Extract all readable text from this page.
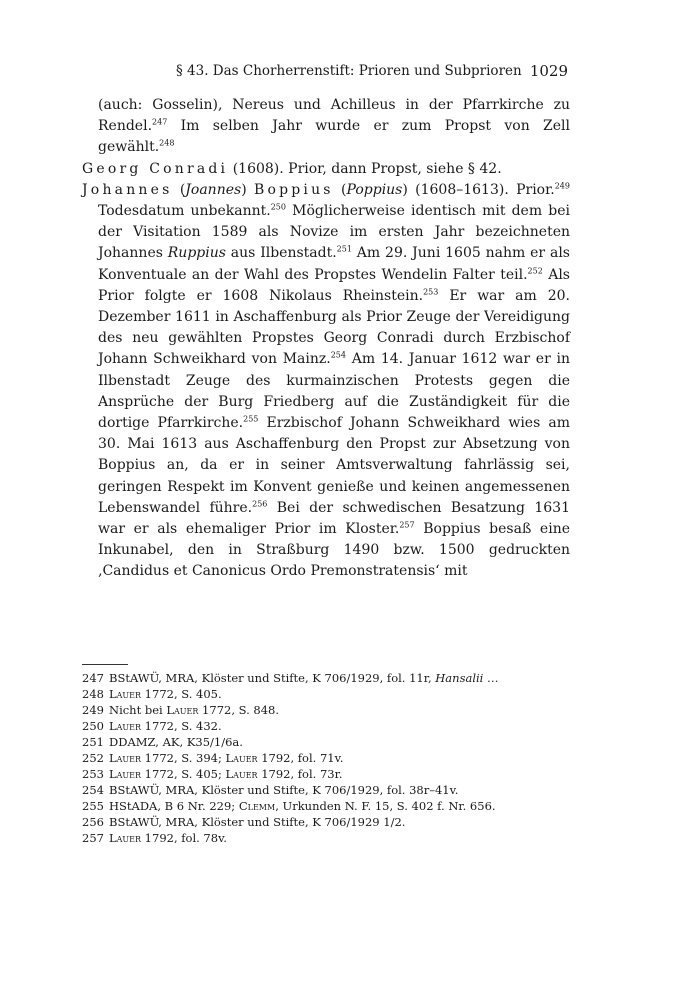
§ 43. Das Chorherrenstift: Prioren und Subprioren 1029

(auch: Gosselin), Nereus und Achilleus in der Pfarrkirche zu Rendel.$^{247}$ Im selben Jahr wurde er zum Propst von Zell gewählt.$^{248}$

Georg Conradi (1608). Prior, dann Propst, siehe § 42.

Johannes (Joannes) Boppius (Poppius) (1608–1613). Prior.$^{249}$ Todesdatum unbekannt.$^{250}$ Möglicherweise identisch mit dem bei der Visitation 1589 als Novize im ersten Jahr bezeichneten Johannes Ruppius aus Ilbenstadt.$^{251}$ Am 29. Juni 1605 nahm er als Konventuale an der Wahl des Propstes Wendelin Falter teil.$^{252}$ Als Prior folgte er 1608 Nikolaus Rheinstein.$^{253}$ Er war am 20. Dezember 1611 in Aschaffenburg als Prior Zeuge der Vereidigung des neu gewählten Propstes Georg Conradi durch Erzbischof Johann Schweikhard von Mainz.$^{254}$ Am 14. Januar 1612 war er in Ilbenstadt Zeuge des kurmainzischen Protests gegen die Ansprüche der Burg Friedberg auf die Zuständigkeit für die dortige Pfarrkirche.$^{255}$ Erzbischof Johann Schweikhard wies am 30. Mai 1613 aus Aschaffenburg den Propst zur Absetzung von Boppius an, da er in seiner Amtsverwaltung fahrlässig sei, geringen Respekt im Konvent genieße und keinen angemessenen Lebenswandel führe.$^{256}$ Bei der schwedischen Besatzung 1631 war er als ehemaliger Prior im Kloster.$^{257}$ Boppius besaß eine Inkunabel, den in Straßburg 1490 bzw. 1500 gedruckten ‚Candidus et Canonicus Ordo Premonstratensis‘ mit

247 BStAWÜ, MRA, Klöster und Stifte, K 706/1929, fol. 11r, Hansalii …
248 Lauer 1772, S. 405.
249 Nicht bei Lauer 1772, S. 848.
250 Lauer 1772, S. 432.
251 DDAMZ, AK, K35/1/6a.
252 Lauer 1772, S. 394; Lauer 1792, fol. 71v.
253 Lauer 1772, S. 405; Lauer 1792, fol. 73r.
254 BStAWÜ, MRA, Klöster und Stifte, K 706/1929, fol. 38r–41v.
255 HStADA, B 6 Nr. 229; Clemm, Urkunden N. F. 15, S. 402 f. Nr. 656.
256 BStAWÜ, MRA, Klöster und Stifte, K 706/1929 1/2.
257 Lauer 1792, fol. 78v.
